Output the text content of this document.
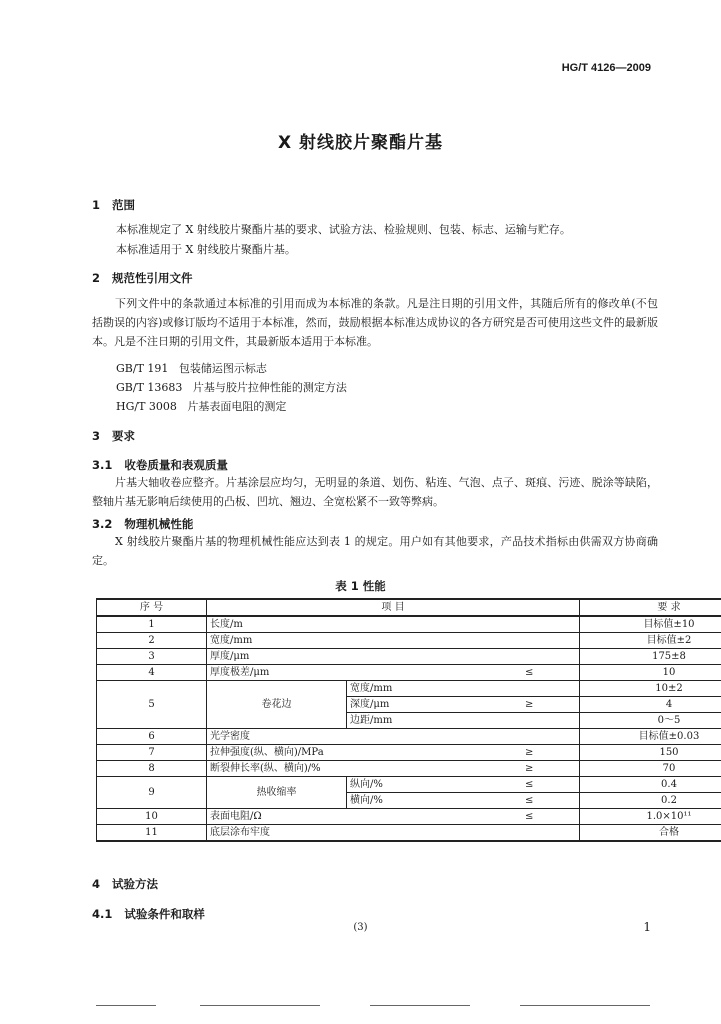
HG/T 4126—2009
X 射线胶片聚酯片基
1 范围
本标准规定了 X 射线胶片聚酯片基的要求、试验方法、检验规则、包装、标志、运输与贮存。
本标准适用于 X 射线胶片聚酯片基。
2 规范性引用文件
下列文件中的条款通过本标准的引用而成为本标准的条款。凡是注日期的引用文件，其随后所有的修改单(不包括勘误的内容)或修订版均不适用于本标准，然而，鼓励根据本标准达成协议的各方研究是否可使用这些文件的最新版本。凡是不注日期的引用文件，其最新版本适用于本标准。
GB/T 191 包装储运图示标志
GB/T 13683 片基与胶片拉伸性能的测定方法
HG/T 3008 片基表面电阻的测定
3 要求
3.1 收卷质量和表观质量
片基大轴收卷应整齐。片基涂层应均匀，无明显的条道、划伤、粘连、气泡、点子、斑痕、污迹、脱涂等缺陷，整轴片基无影响后续使用的凸板、凹坑、翘边、全宽松紧不一致等弊病。
3.2 物理机械性能
X 射线胶片聚酯片基的物理机械性能应达到表 1 的规定。用户如有其他要求，产品技术指标由供需双方协商确定。
表 1 性能
序 号	项 目			要 求
1	长度/m			目标值±10
2	宽度/mm			目标值±2
3	厚度/μm			175±8
4	厚度极差/μm		≤	10
5	卷花边	宽度/mm		10±2
		深度/μm	≥	4
		边距/mm		0～5
6	光学密度			目标值±0.03
7	拉伸强度(纵、横向)/MPa		≥	150
8	断裂伸长率(纵、横向)/%		≥	70
9	热收缩率	纵向/%	≤	0.4
		横向/%	≤	0.2
10	表面电阻/Ω		≤	1.0×10¹¹
11	底层涂布牢度			合格
4 试验方法
4.1 试验条件和取样
(3)	1
